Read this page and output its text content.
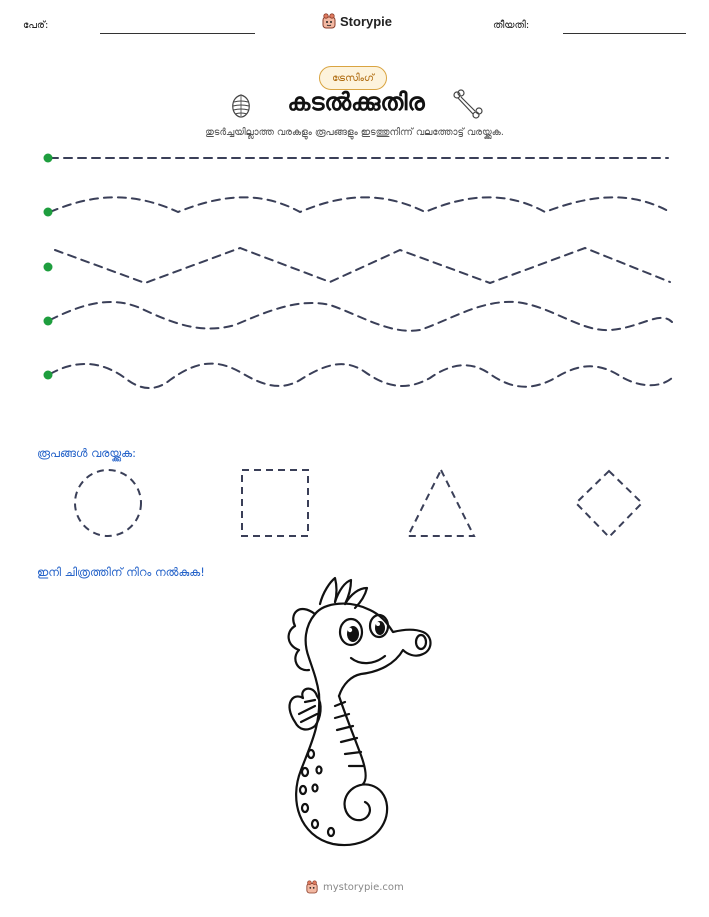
പേര്:	Storypie	തീയതി:
ട്രേസിംഗ്
കടൽക്കുതിര
തുടർച്ചയില്ലാത്ത വരകളും രൂപങ്ങളും ഇടത്തുനിന്ന് വലത്തോട്ട് വരയ്ക്കുക.
രൂപങ്ങൾ വരയ്ക്കുക:
ഇനി ചിത്രത്തിന് നിറം നൽകുക!
mystorypie.com
